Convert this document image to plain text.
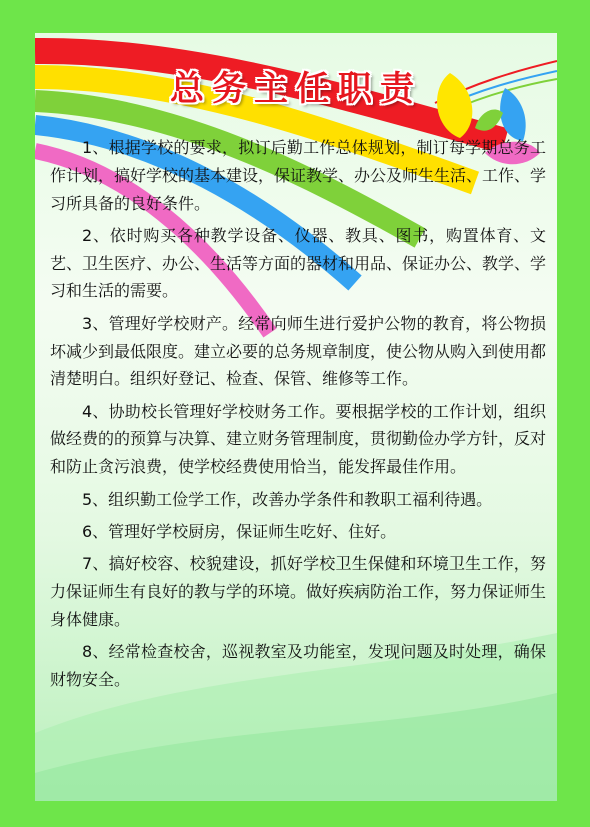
总务主任职责

1、根据学校的要求，拟订后勤工作总体规划，制订每学期总务工作计划，搞好学校的基本建设，保证教学、办公及师生生活、工作、学习所具备的良好条件。

2、依时购买各种教学设备、仪器、教具、图书，购置体育、文艺、卫生医疗、办公、生活等方面的器材和用品、保证办公、教学、学习和生活的需要。

3、管理好学校财产。经常向师生进行爱护公物的教育，将公物损坏减少到最低限度。建立必要的总务规章制度，使公物从购入到使用都清楚明白。组织好登记、检查、保管、维修等工作。

4、协助校长管理好学校财务工作。要根据学校的工作计划，组织做经费的的预算与决算、建立财务管理制度，贯彻勤俭办学方针，反对和防止贪污浪费，使学校经费使用恰当，能发挥最佳作用。

5、组织勤工俭学工作，改善办学条件和教职工福利待遇。

6、管理好学校厨房，保证师生吃好、住好。

7、搞好校容、校貌建设，抓好学校卫生保健和环境卫生工作，努力保证师生有良好的教与学的环境。做好疾病防治工作，努力保证师生身体健康。

8、经常检查校舍，巡视教室及功能室，发现问题及时处理，确保财物安全。
